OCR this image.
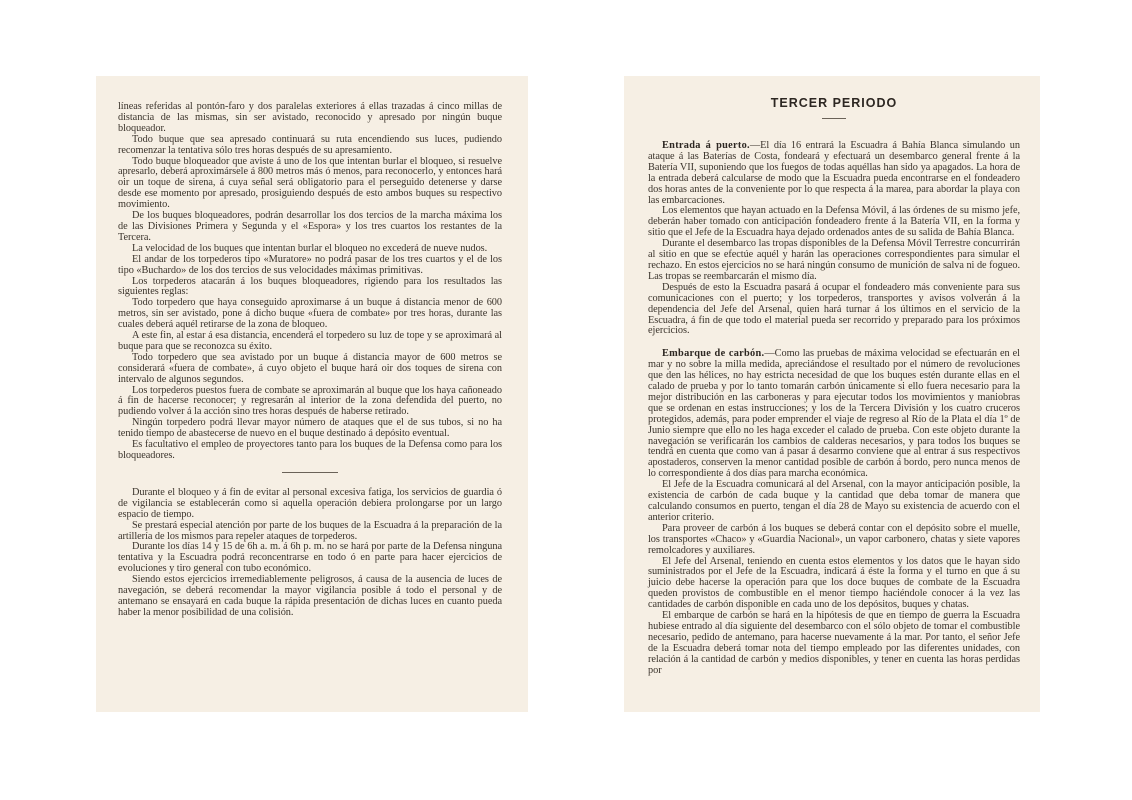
líneas referidas al pontón-faro y dos paralelas exteriores á ellas trazadas á cinco millas de distancia de las mismas, sin ser avistado, reconocido y apresado por ningún buque bloqueador.

Todo buque que sea apresado continuará su ruta encendiendo sus luces, pudiendo recomenzar la tentativa sólo tres horas después de su apresamiento.

Todo buque bloqueador que aviste á uno de los que intentan burlar el bloqueo, si resuelve apresarlo, deberá aproximársele á 800 metros más ó menos, para reconocerlo, y entonces hará oir un toque de sirena, á cuya señal será obligatorio para el perseguido detenerse y darse desde ese momento por apresado, prosiguiendo después de esto ambos buques su respectivo movimiento.

De los buques bloqueadores, podrán desarrollar los dos tercios de la marcha máxima los de las Divisiones Primera y Segunda y el «Espora» y los tres cuartos los restantes de la Tercera.

La velocidad de los buques que intentan burlar el bloqueo no excederá de nueve nudos.

El andar de los torpederos tipo «Muratore» no podrá pasar de los tres cuartos y el de los tipo «Buchardo» de los dos tercios de sus velocidades máximas primitivas.

Los torpederos atacarán á los buques bloqueadores, rigiendo para los resultados las siguientes reglas:

Todo torpedero que haya conseguido aproximarse á un buque á distancia menor de 600 metros, sin ser avistado, pone á dicho buque «fuera de combate» por tres horas, durante las cuales deberá aquél retirarse de la zona de bloqueo.

A este fin, al estar á esa distancia, encenderá el torpedero su luz de tope y se aproximará al buque para que se reconozca su éxito.

Todo torpedero que sea avistado por un buque á distancia mayor de 600 metros se considerará «fuera de combate», á cuyo objeto el buque hará oir dos toques de sirena con intervalo de algunos segundos.

Los torpederos puestos fuera de combate se aproximarán al buque que los haya cañoneado á fin de hacerse reconocer; y regresarán al interior de la zona defendida del puerto, no pudiendo volver á la acción sino tres horas después de haberse retirado.

Ningún torpedero podrá llevar mayor número de ataques que el de sus tubos, si no ha tenido tiempo de abastecerse de nuevo en el buque destinado á depósito eventual.

Es facultativo el empleo de proyectores tanto para los buques de la Defensa como para los bloqueadores.

Durante el bloqueo y á fin de evitar al personal excesiva fatiga, los servicios de guardia ó de vigilancia se establecerán como si aquella operación debiera prolongarse por un largo espacio de tiempo.

Se prestará especial atención por parte de los buques de la Escuadra á la preparación de la artillería de los mismos para repeler ataques de torpederos.

Durante los días 14 y 15 de 6h a. m. á 6h p. m. no se hará por parte de la Defensa ninguna tentativa y la Escuadra podrá reconcentrarse en todo ó en parte para hacer ejercicios de evoluciones y tiro general con tubo económico.

Siendo estos ejercicios irremediablemente peligrosos, á causa de la ausencia de luces de navegación, se deberá recomendar la mayor vigilancia posible á todo el personal y de antemano se ensayará en cada buque la rápida presentación de dichas luces en cuanto pueda haber la menor posibilidad de una colisión.

TERCER PERIODO

Entrada á puerto.—El día 16 entrará la Escuadra á Bahía Blanca simulando un ataque á las Baterías de Costa, fondeará y efectuará un desembarco general frente á la Batería VII, suponiendo que los fuegos de todas aquéllas han sido ya apagados. La hora de la entrada deberá calcularse de modo que la Escuadra pueda encontrarse en el fondeadero dos horas antes de la conveniente por lo que respecta á la marea, para abordar la playa con las embarcaciones.

Los elementos que hayan actuado en la Defensa Móvil, á las órdenes de su mismo jefe, deberán haber tomado con anticipación fondeadero frente á la Batería VII, en la forma y sitio que el Jefe de la Escuadra haya dejado ordenados antes de su salida de Bahía Blanca.

Durante el desembarco las tropas disponibles de la Defensa Móvil Terrestre concurrirán al sitio en que se efectúe aquél y harán las operaciones correspondientes para simular el rechazo. En estos ejercicios no se hará ningún consumo de munición de salva ni de fogueo. Las tropas se reembarcarán el mismo día.

Después de esto la Escuadra pasará á ocupar el fondeadero más conveniente para sus comunicaciones con el puerto; y los torpederos, transportes y avisos volverán á la dependencia del Jefe del Arsenal, quien hará turnar á los últimos en el servicio de la Escuadra, á fin de que todo el material pueda ser recorrido y preparado para los próximos ejercicios.

Embarque de carbón.—Como las pruebas de máxima velocidad se efectuarán en el mar y no sobre la milla medida, apreciándose el resultado por el número de revoluciones que den las hélices, no hay estricta necesidad de que los buques estén durante ellas en el calado de prueba y por lo tanto tomarán carbón únicamente si ello fuera necesario para la mejor distribución en las carboneras y para ejecutar todos los movimientos y maniobras que se ordenan en estas instrucciones; y los de la Tercera División y los cuatro cruceros protegidos, además, para poder emprender el viaje de regreso al Río de la Plata el día 1º de Junio siempre que ello no les haga exceder el calado de prueba. Con este objeto durante la navegación se verificarán los cambios de calderas necesarios, y para todos los buques se tendrá en cuenta que como van á pasar á desarmo conviene que al entrar á sus respectivos apostaderos, conserven la menor cantidad posible de carbón á bordo, pero nunca menos de lo correspondiente á dos días para marcha económica.

El Jefe de la Escuadra comunicará al del Arsenal, con la mayor anticipación posible, la existencia de carbón de cada buque y la cantidad que deba tomar de manera que calculando consumos en puerto, tengan el día 28 de Mayo su existencia de acuerdo con el anterior criterio.

Para proveer de carbón á los buques se deberá contar con el depósito sobre el muelle, los transportes «Chaco» y «Guardia Nacional», un vapor carbonero, chatas y siete vapores remolcadores y auxiliares.

El Jefe del Arsenal, teniendo en cuenta estos elementos y los datos que le hayan sido suministrados por el Jefe de la Escuadra, indicará á éste la forma y el turno en que á su juicio debe hacerse la operación para que los doce buques de combate de la Escuadra queden provistos de combustible en el menor tiempo haciéndole conocer á la vez las cantidades de carbón disponible en cada uno de los depósitos, buques y chatas.

El embarque de carbón se hará en la hipótesis de que en tiempo de guerra la Escuadra hubiese entrado al día siguiente del desembarco con el sólo objeto de tomar el combustible necesario, pedido de antemano, para hacerse nuevamente á la mar. Por tanto, el señor Jefe de la Escuadra deberá tomar nota del tiempo empleado por las diferentes unidades, con relación á la cantidad de carbón y medios disponibles, y tener en cuenta las horas perdidas por
